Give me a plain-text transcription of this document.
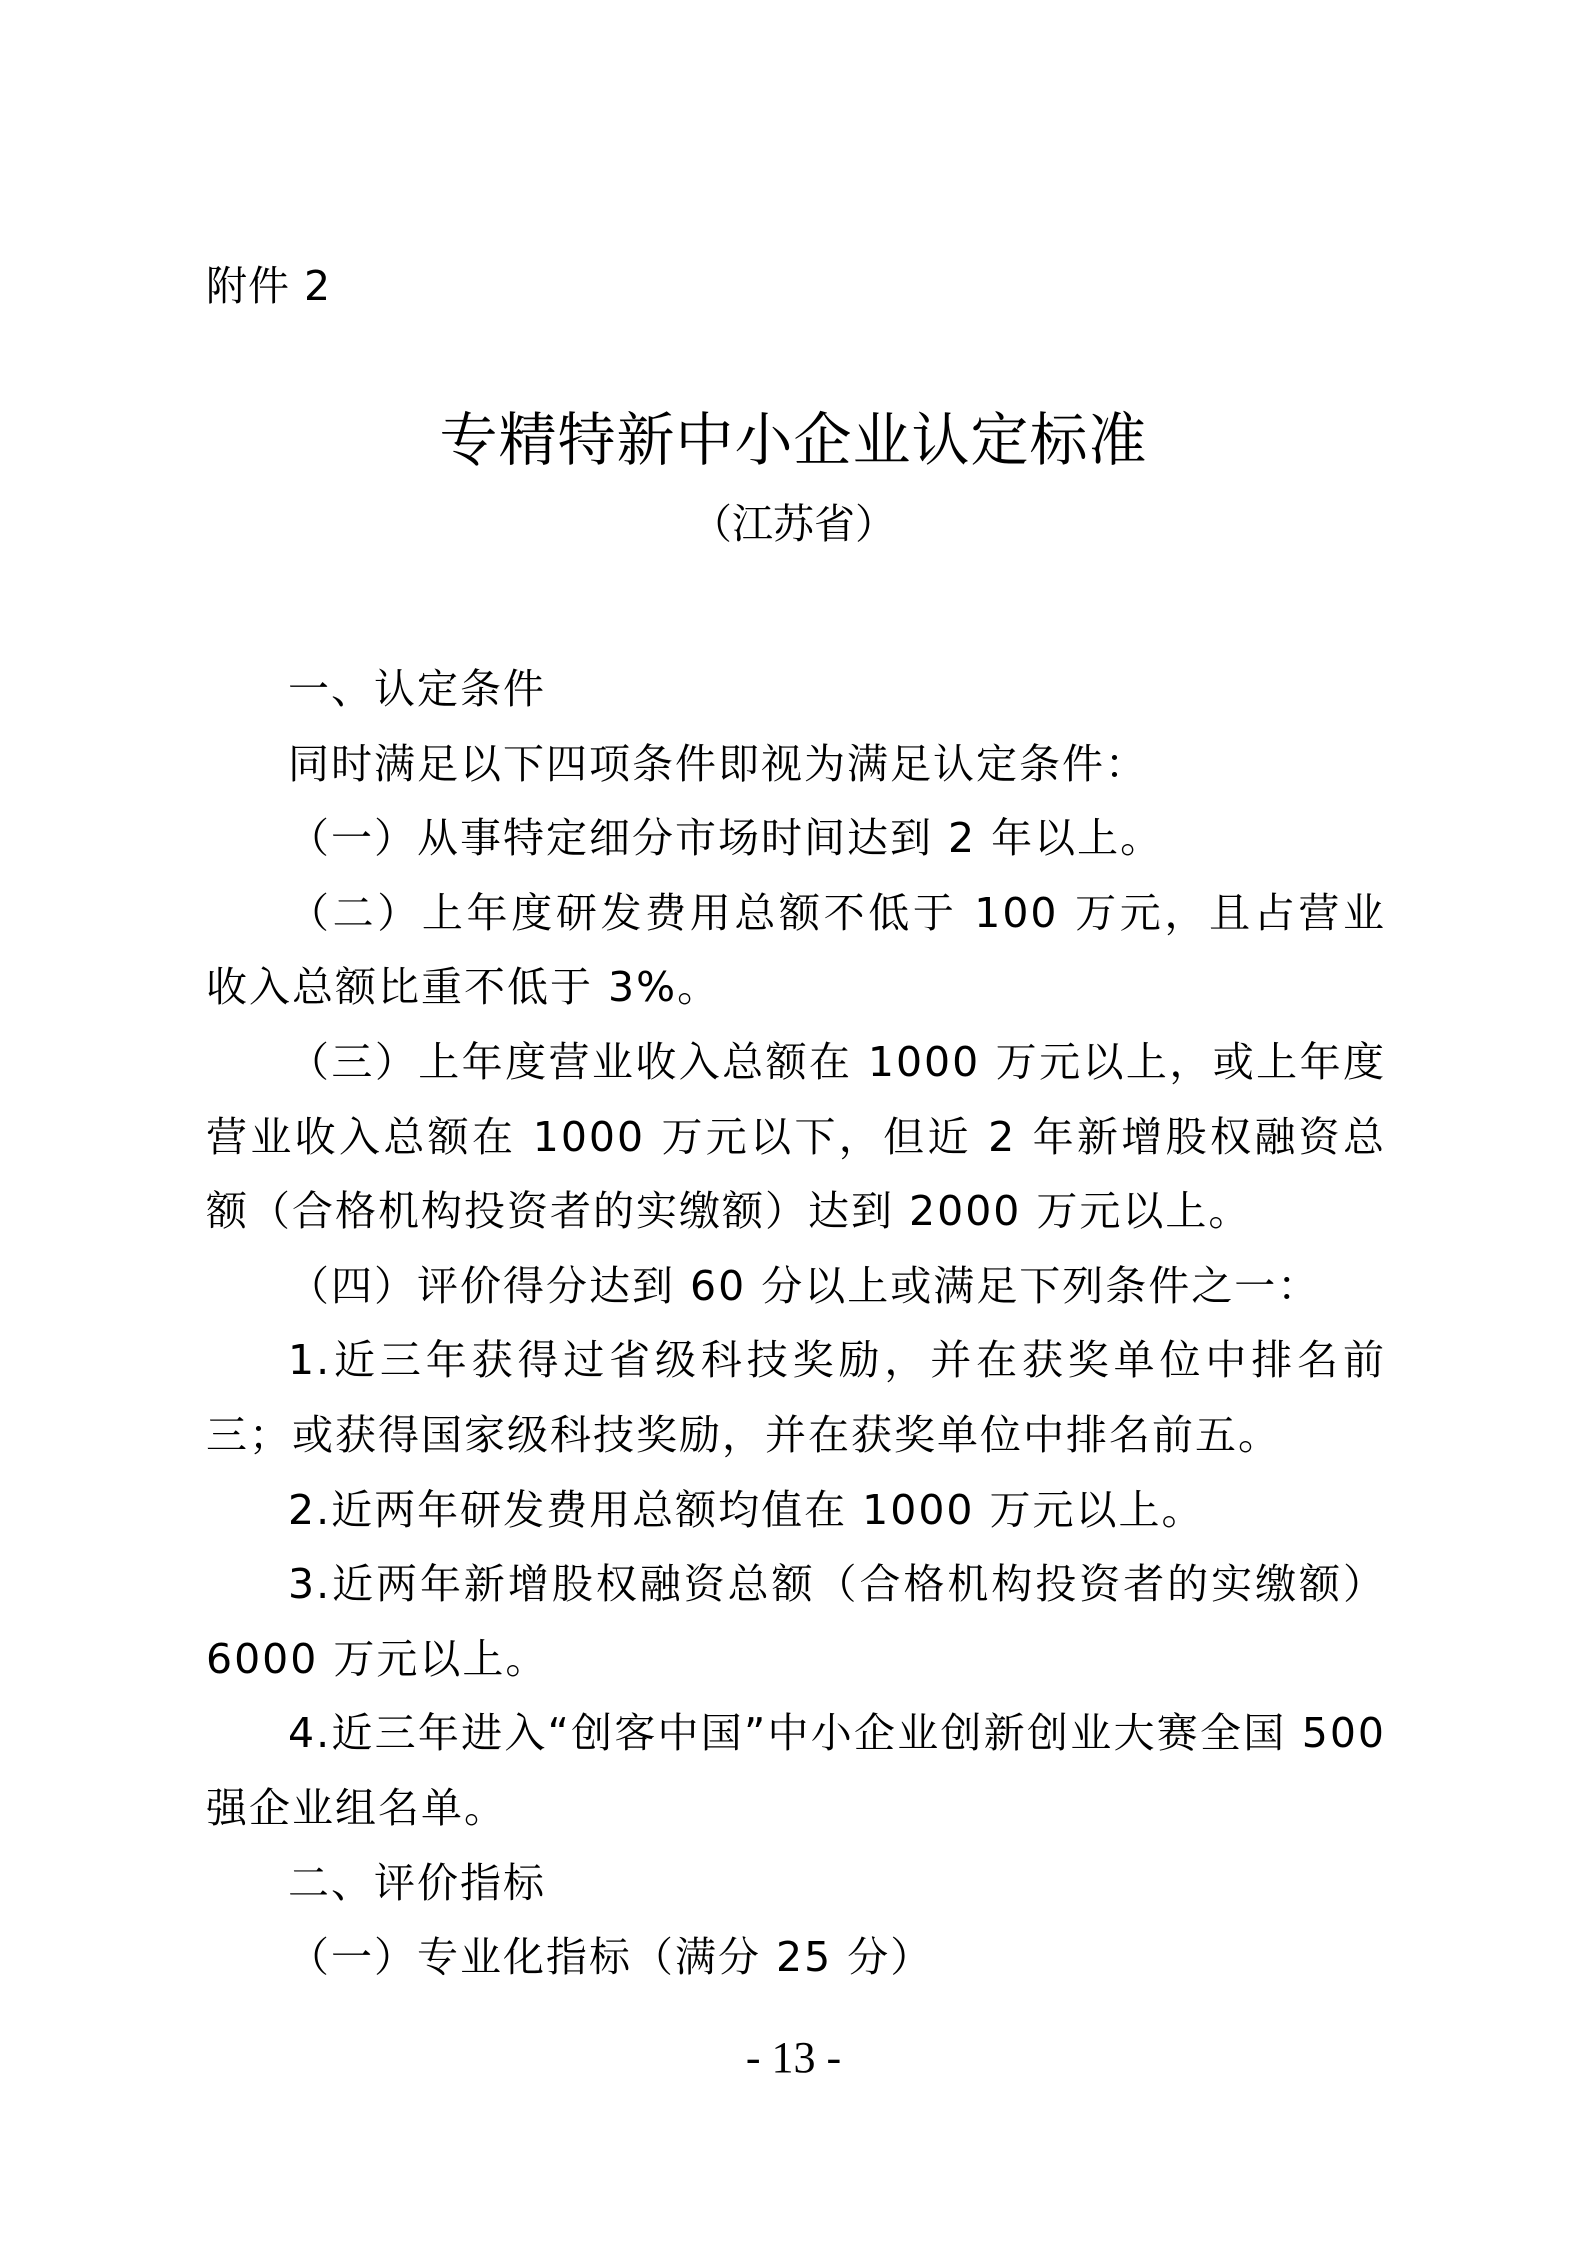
附件 2
专精特新中小企业认定标准
（江苏省）

一、认定条件

同时满足以下四项条件即视为满足认定条件：

（一）从事特定细分市场时间达到 2 年以上。

（二）上年度研发费用总额不低于 100 万元，且占营业收入总额比重不低于 3%。

（三）上年度营业收入总额在 1000 万元以上，或上年度营业收入总额在 1000 万元以下，但近 2 年新增股权融资总额（合格机构投资者的实缴额）达到 2000 万元以上。

（四）评价得分达到 60 分以上或满足下列条件之一：

1.近三年获得过省级科技奖励，并在获奖单位中排名前三；或获得国家级科技奖励，并在获奖单位中排名前五。

2.近两年研发费用总额均值在 1000 万元以上。

3.近两年新增股权融资总额（合格机构投资者的实缴额）6000 万元以上。

4.近三年进入“创客中国”中小企业创新创业大赛全国 500 强企业组名单。

二、评价指标

（一）专业化指标（满分 25 分）

- 13 -
